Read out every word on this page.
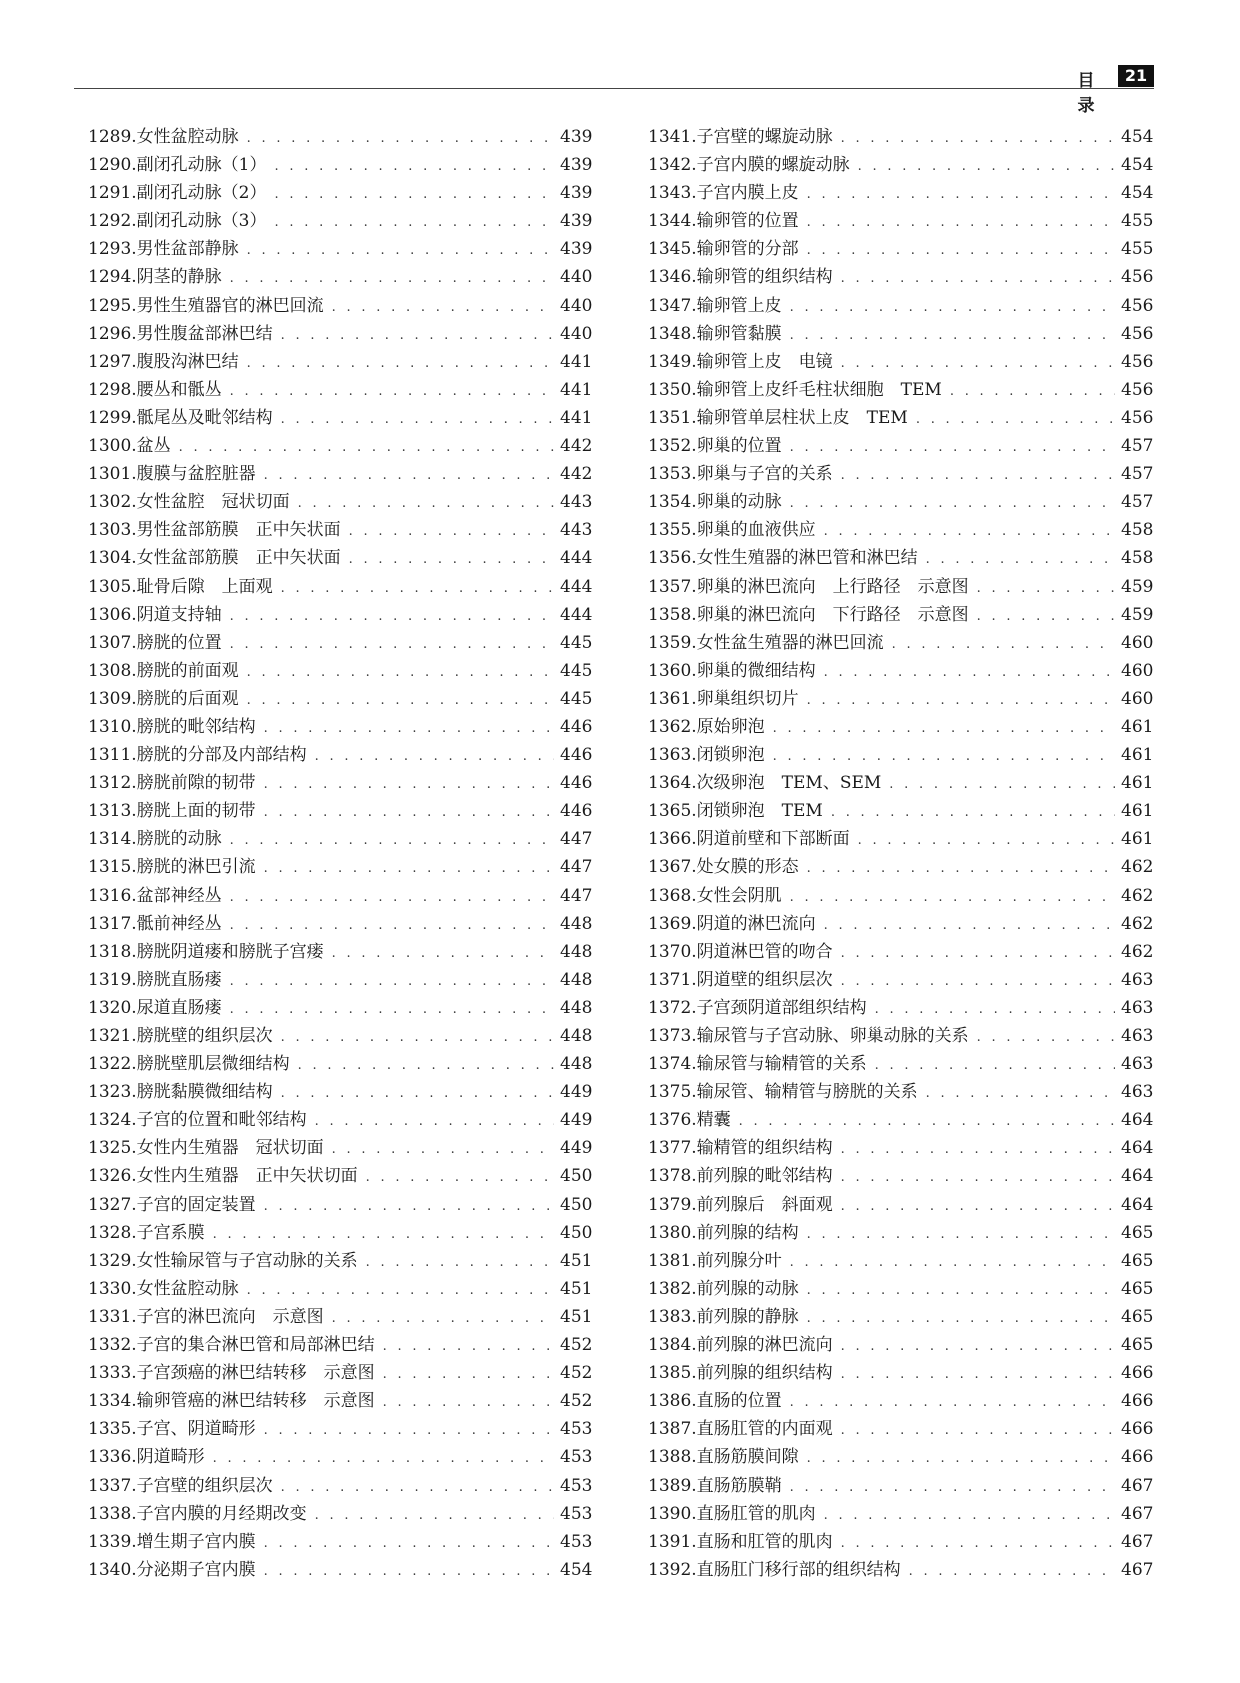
目 录
21
1289.女性盆腔动脉 . . .	439
1290.副闭孔动脉（1） . . .	439
1291.副闭孔动脉（2） . . .	439
1292.副闭孔动脉（3） . . .	439
1293.男性盆部静脉 . . .	439
1294.阴茎的静脉 . . .	440
1295.男性生殖器官的淋巴回流 . . .	440
1296.男性腹盆部淋巴结 . . .	440
1297.腹股沟淋巴结 . . .	441
1298.腰丛和骶丛 . . .	441
1299.骶尾丛及毗邻结构 . . .	441
1300.盆丛 . . .	442
1301.腹膜与盆腔脏器 . . .	442
1302.女性盆腔　冠状切面 . . .	443
1303.男性盆部筋膜　正中矢状面 . . .	443
1304.女性盆部筋膜　正中矢状面 . . .	444
1305.耻骨后隙　上面观 . . .	444
1306.阴道支持轴 . . .	444
1307.膀胱的位置 . . .	445
1308.膀胱的前面观 . . .	445
1309.膀胱的后面观 . . .	445
1310.膀胱的毗邻结构 . . .	446
1311.膀胱的分部及内部结构 . . .	446
1312.膀胱前隙的韧带 . . .	446
1313.膀胱上面的韧带 . . .	446
1314.膀胱的动脉 . . .	447
1315.膀胱的淋巴引流 . . .	447
1316.盆部神经丛 . . .	447
1317.骶前神经丛 . . .	448
1318.膀胱阴道瘘和膀胱子宫瘘 . . .	448
1319.膀胱直肠瘘 . . .	448
1320.尿道直肠瘘 . . .	448
1321.膀胱壁的组织层次 . . .	448
1322.膀胱壁肌层微细结构 . . .	448
1323.膀胱黏膜微细结构 . . .	449
1324.子宫的位置和毗邻结构 . . .	449
1325.女性内生殖器　冠状切面 . . .	449
1326.女性内生殖器　正中矢状切面 . . .	450
1327.子宫的固定装置 . . .	450
1328.子宫系膜 . . .	450
1329.女性输尿管与子宫动脉的关系 . . .	451
1330.女性盆腔动脉 . . .	451
1331.子宫的淋巴流向　示意图 . . .	451
1332.子宫的集合淋巴管和局部淋巴结 . . .	452
1333.子宫颈癌的淋巴结转移　示意图 . . .	452
1334.输卵管癌的淋巴结转移　示意图 . . .	452
1335.子宫、阴道畸形 . . .	453
1336.阴道畸形 . . .	453
1337.子宫壁的组织层次 . . .	453
1338.子宫内膜的月经期改变 . . .	453
1339.增生期子宫内膜 . . .	453
1340.分泌期子宫内膜 . . .	454
1341.子宫壁的螺旋动脉 . . .	454
1342.子宫内膜的螺旋动脉 . . .	454
1343.子宫内膜上皮 . . .	454
1344.输卵管的位置 . . .	455
1345.输卵管的分部 . . .	455
1346.输卵管的组织结构 . . .	456
1347.输卵管上皮 . . .	456
1348.输卵管黏膜 . . .	456
1349.输卵管上皮　电镜 . . .	456
1350.输卵管上皮纤毛柱状细胞　TEM . . .	456
1351.输卵管单层柱状上皮　TEM . . .	456
1352.卵巢的位置 . . .	457
1353.卵巢与子宫的关系 . . .	457
1354.卵巢的动脉 . . .	457
1355.卵巢的血液供应 . . .	458
1356.女性生殖器的淋巴管和淋巴结 . . .	458
1357.卵巢的淋巴流向　上行路径　示意图 . . .	459
1358.卵巢的淋巴流向　下行路径　示意图 . . .	459
1359.女性盆生殖器的淋巴回流 . . .	460
1360.卵巢的微细结构 . . .	460
1361.卵巢组织切片 . . .	460
1362.原始卵泡 . . .	461
1363.闭锁卵泡 . . .	461
1364.次级卵泡　TEM、SEM . . .	461
1365.闭锁卵泡　TEM . . .	461
1366.阴道前壁和下部断面 . . .	461
1367.处女膜的形态 . . .	462
1368.女性会阴肌 . . .	462
1369.阴道的淋巴流向 . . .	462
1370.阴道淋巴管的吻合 . . .	462
1371.阴道壁的组织层次 . . .	463
1372.子宫颈阴道部组织结构 . . .	463
1373.输尿管与子宫动脉、卵巢动脉的关系 . . .	463
1374.输尿管与输精管的关系 . . .	463
1375.输尿管、输精管与膀胱的关系 . . .	463
1376.精囊 . . .	464
1377.输精管的组织结构 . . .	464
1378.前列腺的毗邻结构 . . .	464
1379.前列腺后　斜面观 . . .	464
1380.前列腺的结构 . . .	465
1381.前列腺分叶 . . .	465
1382.前列腺的动脉 . . .	465
1383.前列腺的静脉 . . .	465
1384.前列腺的淋巴流向 . . .	465
1385.前列腺的组织结构 . . .	466
1386.直肠的位置 . . .	466
1387.直肠肛管的内面观 . . .	466
1388.直肠筋膜间隙 . . .	466
1389.直肠筋膜鞘 . . .	467
1390.直肠肛管的肌肉 . . .	467
1391.直肠和肛管的肌肉 . . .	467
1392.直肠肛门移行部的组织结构 . . .	467
